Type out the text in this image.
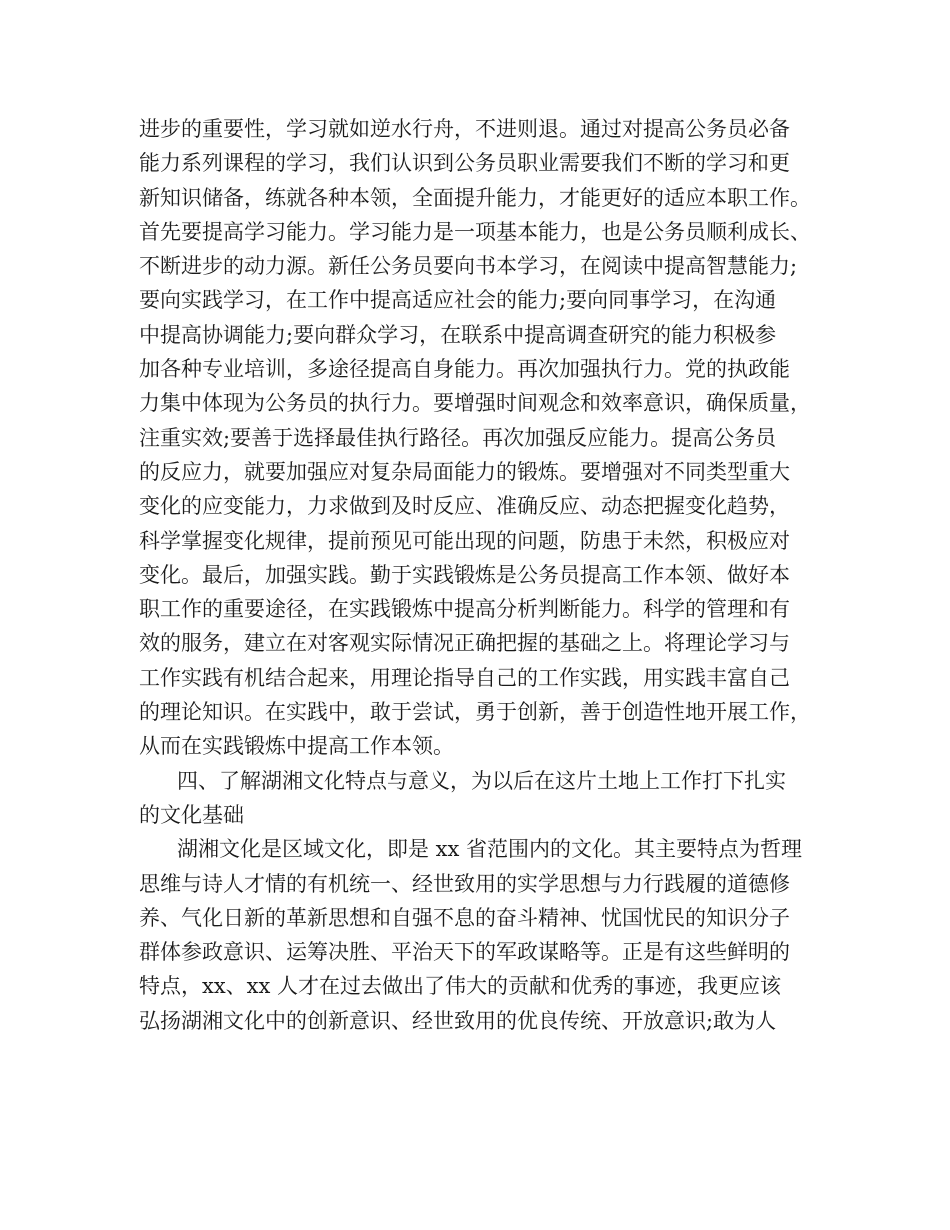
进步的重要性，学习就如逆水行舟，不进则退。通过对提高公务员必备
能力系列课程的学习，我们认识到公务员职业需要我们不断的学习和更
新知识储备，练就各种本领，全面提升能力，才能更好的适应本职工作。
首先要提高学习能力。学习能力是一项基本能力，也是公务员顺利成长、
不断进步的动力源。新任公务员要向书本学习，在阅读中提高智慧能力;
要向实践学习，在工作中提高适应社会的能力;要向同事学习，在沟通
中提高协调能力;要向群众学习，在联系中提高调查研究的能力积极参
加各种专业培训，多途径提高自身能力。再次加强执行力。党的执政能
力集中体现为公务员的执行力。要增强时间观念和效率意识，确保质量，
注重实效;要善于选择最佳执行路径。再次加强反应能力。提高公务员
的反应力，就要加强应对复杂局面能力的锻炼。要增强对不同类型重大
变化的应变能力，力求做到及时反应、准确反应、动态把握变化趋势，
科学掌握变化规律，提前预见可能出现的问题，防患于未然，积极应对
变化。最后，加强实践。勤于实践锻炼是公务员提高工作本领、做好本
职工作的重要途径，在实践锻炼中提高分析判断能力。科学的管理和有
效的服务，建立在对客观实际情况正确把握的基础之上。将理论学习与
工作实践有机结合起来，用理论指导自己的工作实践，用实践丰富自己
的理论知识。在实践中，敢于尝试，勇于创新，善于创造性地开展工作，
从而在实践锻炼中提高工作本领。
四、了解湖湘文化特点与意义，为以后在这片土地上工作打下扎实
的文化基础
湖湘文化是区域文化，即是 xx 省范围内的文化。其主要特点为哲理
思维与诗人才情的有机统一、经世致用的实学思想与力行践履的道德修
养、气化日新的革新思想和自强不息的奋斗精神、忧国忧民的知识分子
群体参政意识、运筹决胜、平治天下的军政谋略等。正是有这些鲜明的
特点，xx、xx 人才在过去做出了伟大的贡献和优秀的事迹，我更应该
弘扬湖湘文化中的创新意识、经世致用的优良传统、开放意识;敢为人
